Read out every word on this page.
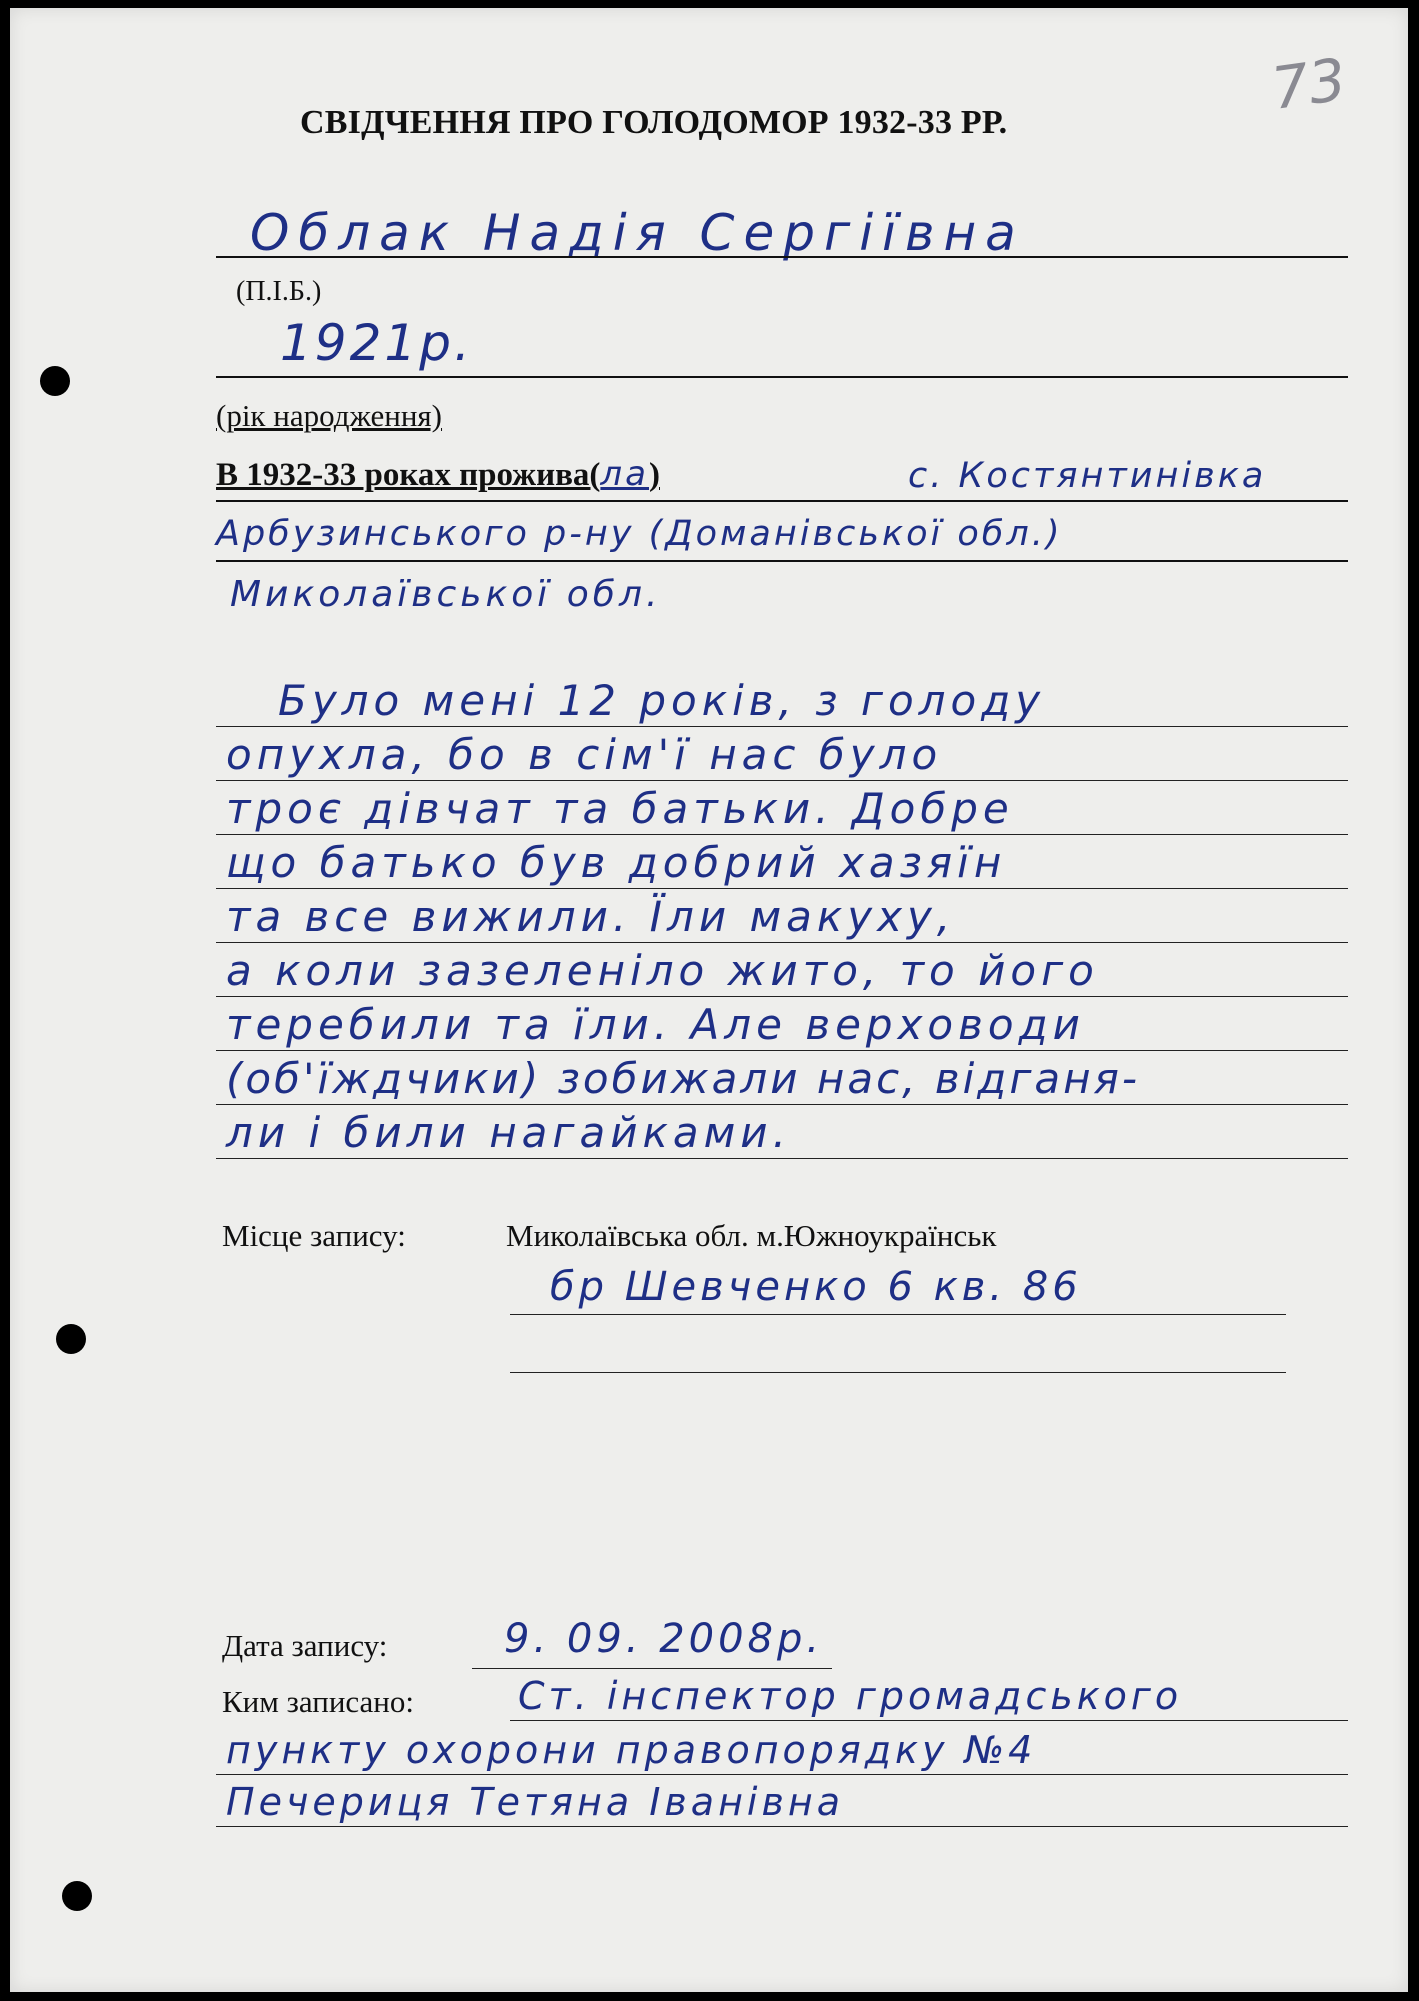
СВІДЧЕННЯ ПРО ГОЛОДОМОР 1932-33 РР.	73
Облак Надія Сергіївна
(П.І.Б.)
1921р.
(рік народження)
В 1932-33 роках прожива(ла)	с. Костянтинівка
Арбузинського р-ну (Доманівської обл.)
Миколаївської обл.
Було мені 12 років, з голоду
опухла, бо в сім'ї нас було
троє дівчат та батьки. Добре
що батько був добрий хазяїн
та все вижили. Їли макуху,
а коли зазеленіло жито, то його
теребили та їли. Але верховоди
(об'їждчики) зобижали нас, відганя-
ли і били нагайками.
Місце запису:	Миколаївська обл. м.Южноукраїнськ
бр Шевченко 6 кв. 86
Дата запису:	9. 09. 2008р.
Ким записано:	Ст. інспектор громадського
пункту охорони правопорядку №4
Печериця Тетяна Іванівна
